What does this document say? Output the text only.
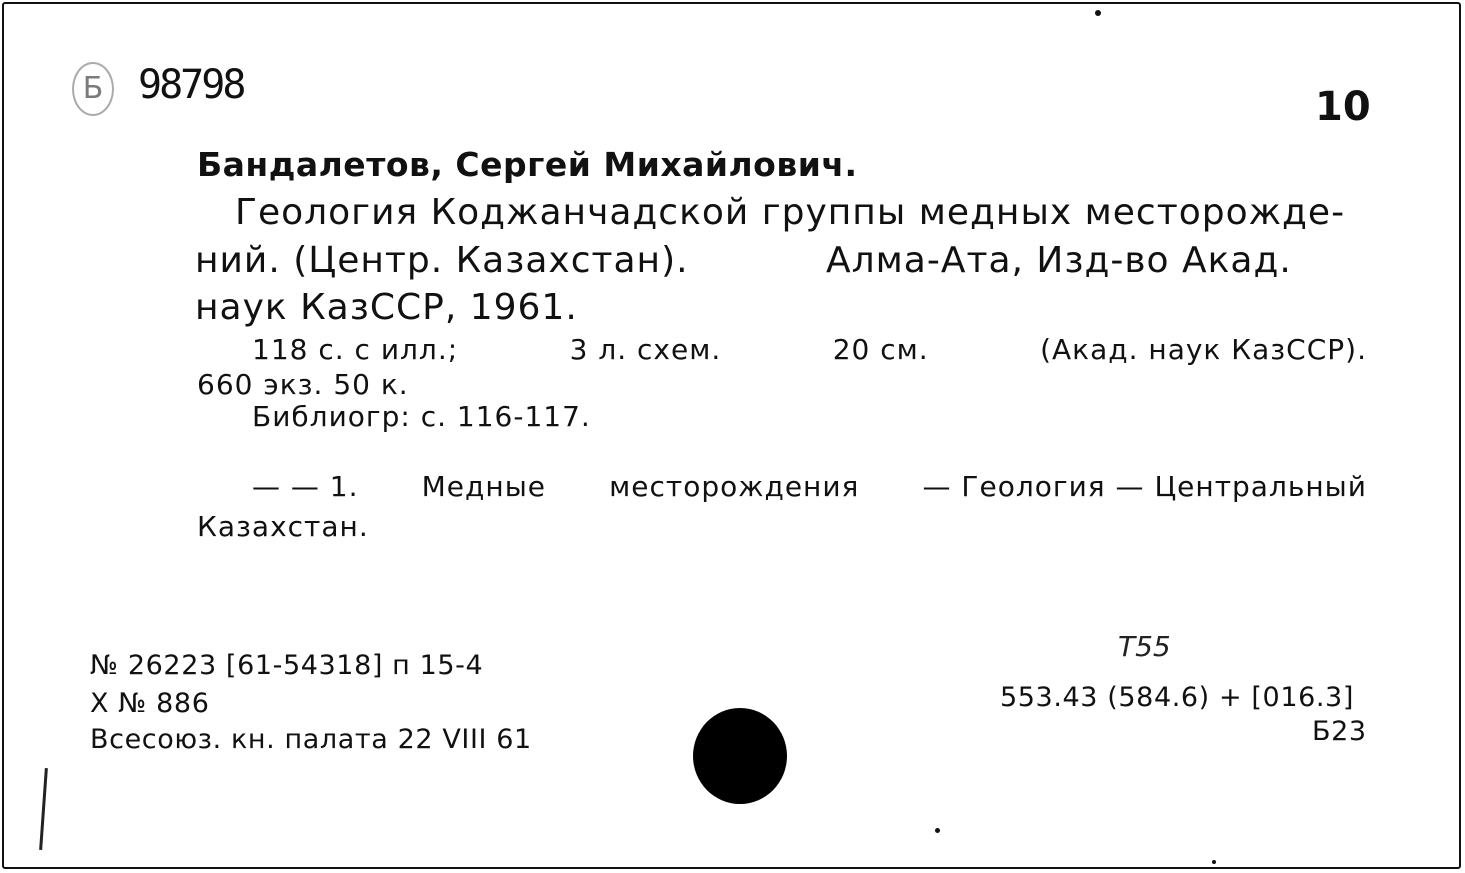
Б 98798	10
Бандалетов, Сергей Михайлович.
Геология Коджанчадской группы медных месторожде-
ний. (Центр. Казахстан).	Алма-Ата, Изд-во Акад.
наук КазССР, 1961.
118 с. с илл.;	3 л. схем.	20 см.	(Акад. наук КазССР).
660 экз. 50 к.
Библиогр: с. 116-117.
— — 1. Медные месторождения — Геология — Центральный
Казахстан.
№ 26223 [61-54318] п 15-4
Х № 886
Всесоюз. кн. палата 22 VIII 61
Т55
553.43 (584.6) + [016.3]
Б23
